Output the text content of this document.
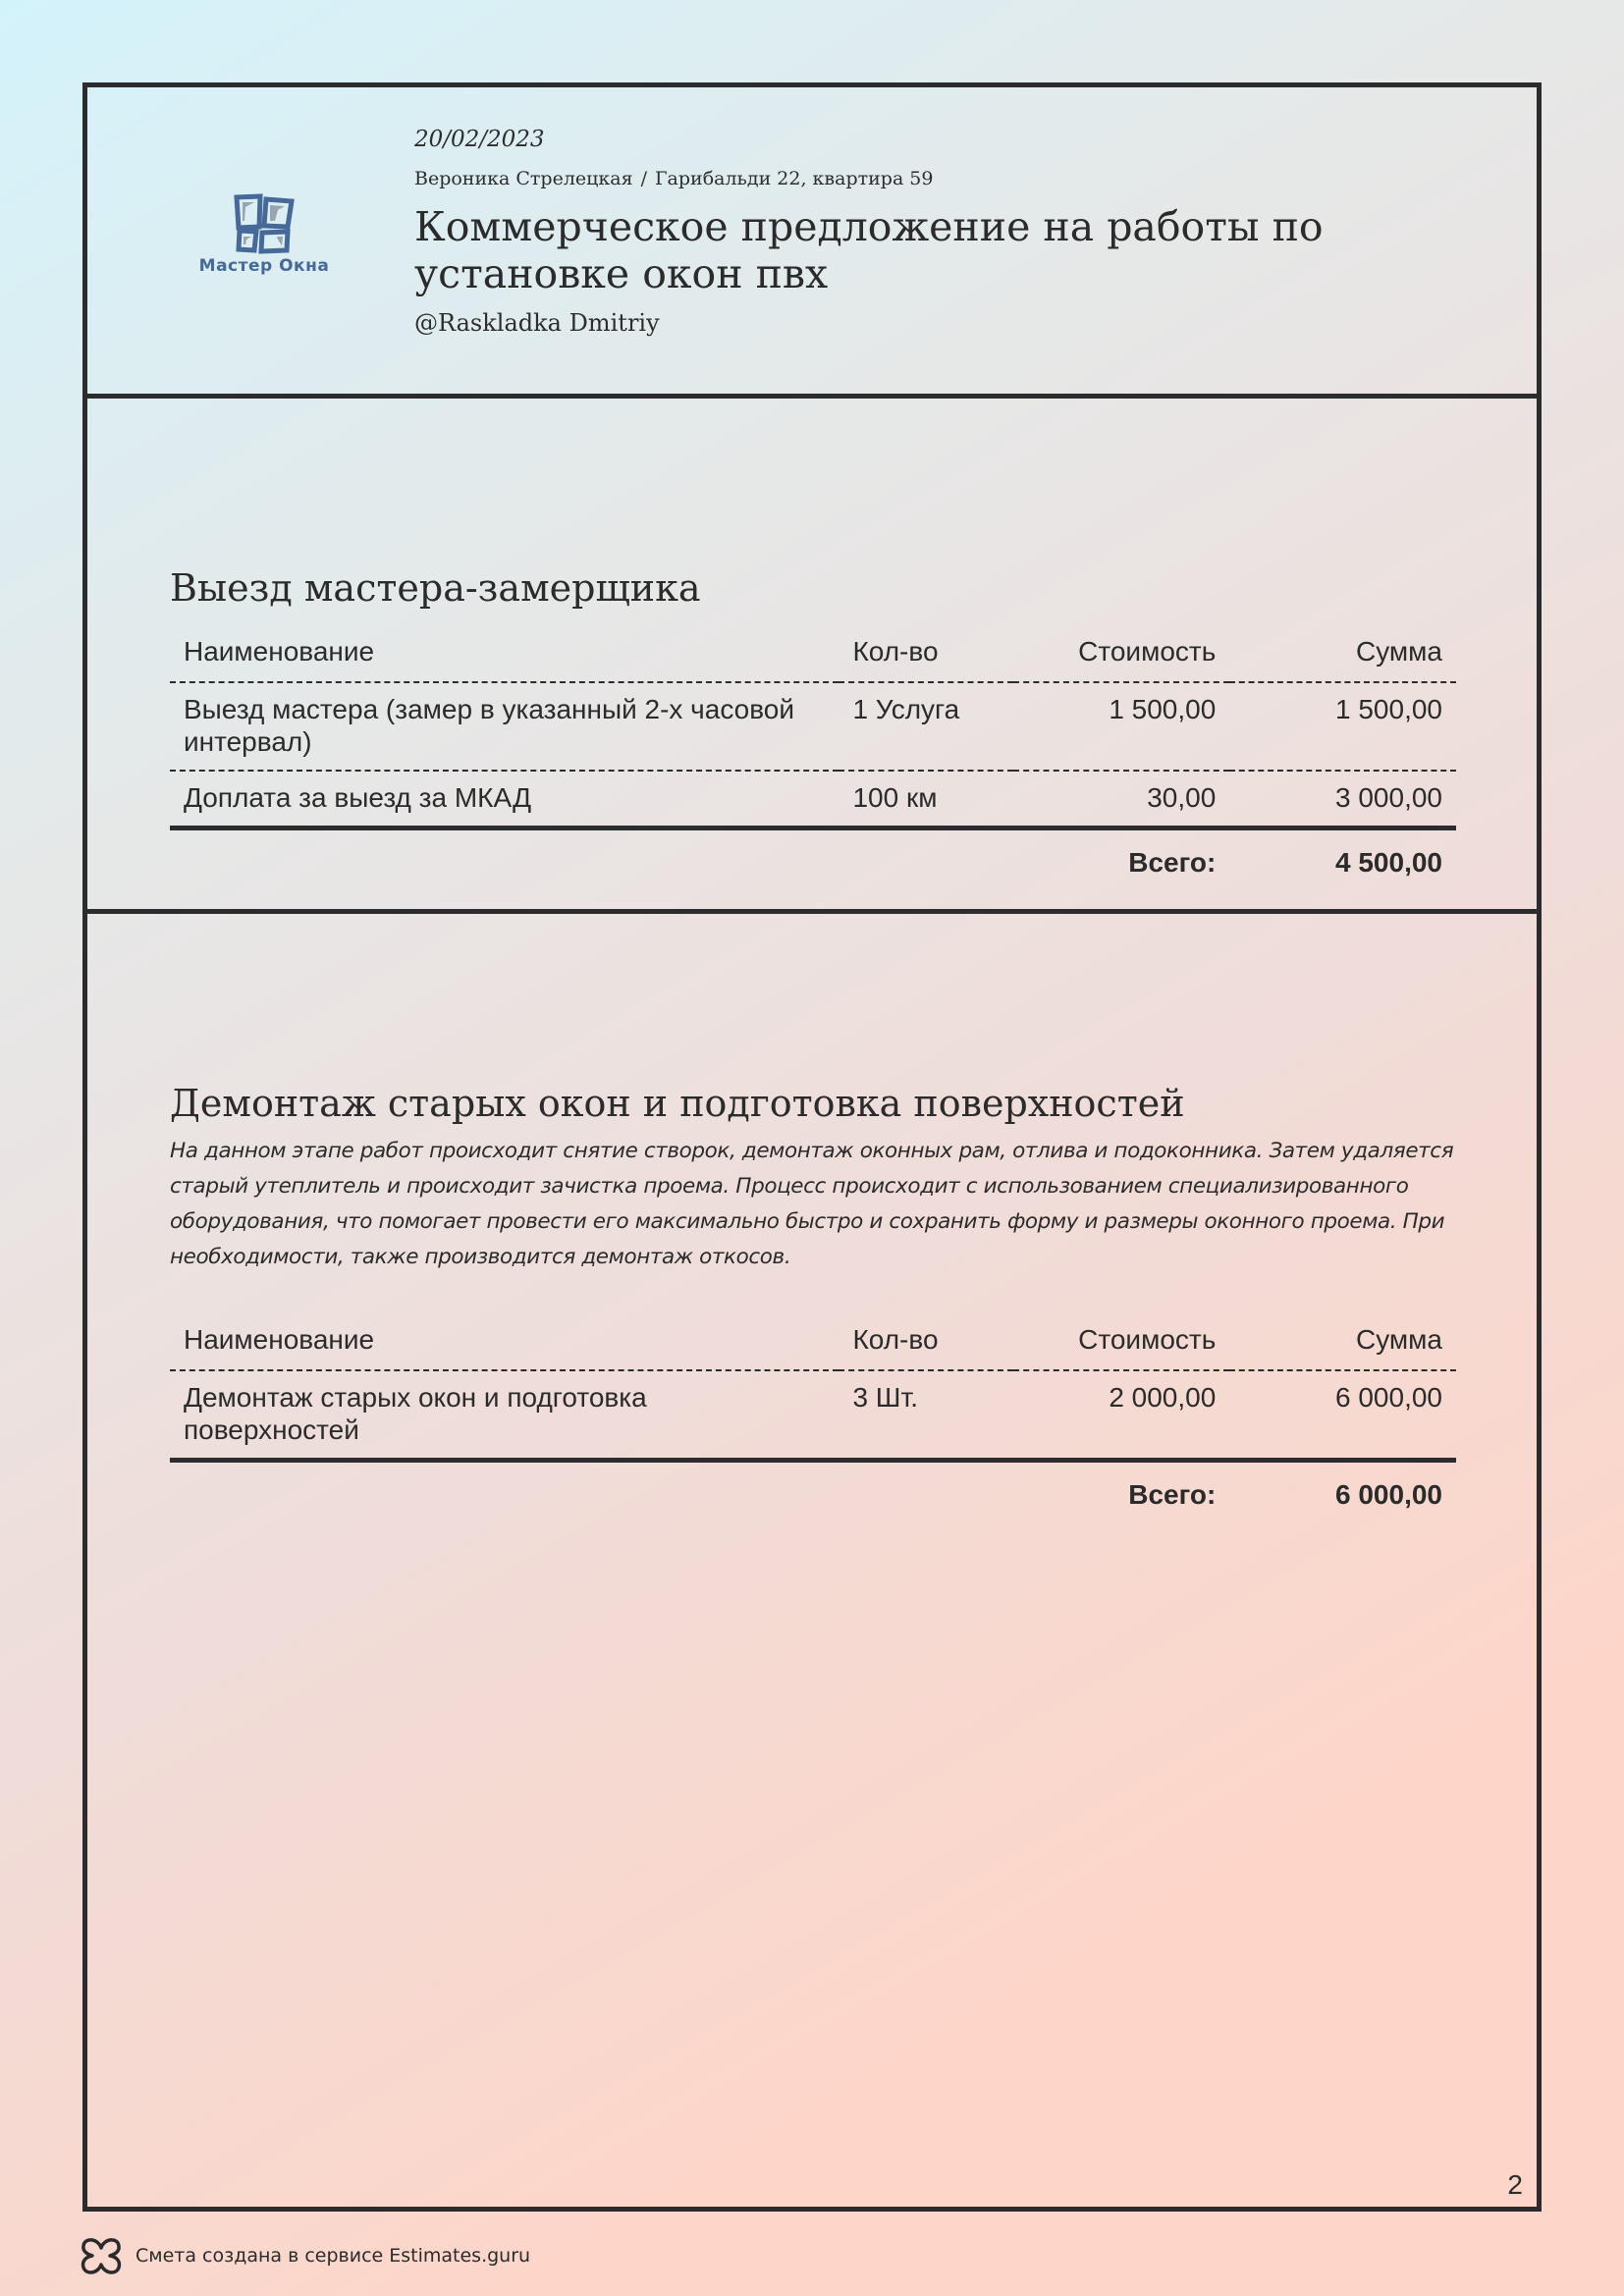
Мастер Окна
20/02/2023
Вероника Стрелецкая / Гарибальди 22, квартира 59
Коммерческое предложение на работы по установке окон пвх
@Raskladka Dmitriy
Выезд мастера-замерщика
Наименование	Кол-во	Стоимость	Сумма
Выезд мастера (замер в указанный 2-х часовой интервал)	1 Услуга	1 500,00	1 500,00
Доплата за выезд за МКАД	100 км	30,00	3 000,00
		Всего:	4 500,00
Демонтаж старых окон и подготовка поверхностей
На данном этапе работ происходит снятие створок, демонтаж оконных рам, отлива и подоконника. Затем удаляется старый утеплитель и происходит зачистка проема. Процесс происходит с использованием специализированного оборудования, что помогает провести его максимально быстро и сохранить форму и размеры оконного проема. При необходимости, также производится демонтаж откосов.
Наименование	Кол-во	Стоимость	Сумма
Демонтаж старых окон и подготовка поверхностей	3 Шт.	2 000,00	6 000,00
		Всего:	6 000,00
2
Смета создана в сервисе Estimates.guru
